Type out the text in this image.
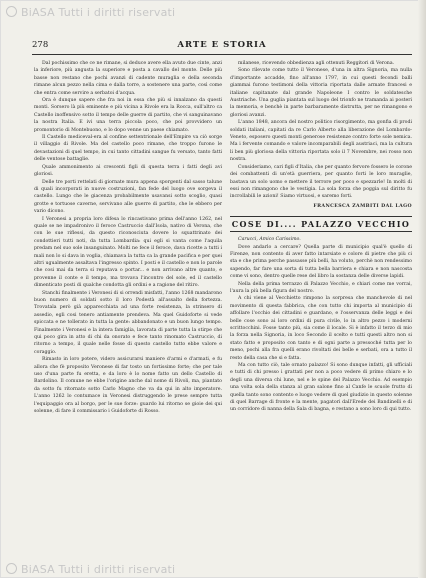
BiASA Tutti i diritti riservati
278	ARTE E STORIA

Dal pochissimo che ce ne rimane, si deduce avere ella avuto due cinte, anzi la inferiore, più angusta la superiore e posta a cavallo del monte. Delle più basse non restano che pochi avanzi di cadente muraglia e della seconda rimane alcun pezzo nella cima e dalla torre, a sostenere una parte, così come che entra come servire a serbatoi d'acqua.

Ora è dunque sapere che fra noi in essa che più si innalzano da questi monti. Sorsero là più eminente e più vicina a Rivole era la Rocca, sull'altro ca Castello inoffensivo sotto il tempo delle guerre di partito, che vi sanguinavano la nostra Italia. E ivi una terra piccola poco, che poi provvidero un promontorio di Montebuono, e lo dopo venne un paese chiamato.

Il Castello mediceval-era al confine settentrionale dell'Empire va ciò sorge il villaggio di Rivole. Ma del castello poco rimane, che troppo furono le devastazioni di quel tempo, in cui tanto cittadini sangue fu versato, tanto fatti delle ventose battaglie.

Quale ammonimento ai crescenti figli di questa terra i fatti degli avi gloriosi.

Delle tre porti rettelati di giornate mura appena sporgenti dal sasso talune di quali incorporati in nuove costruzioni, fan fede del luogo ove sorgeva il castello. Lungo che le giacenza probabilmente usavansi sotto scoglio, quasi grotte e tortuose caverne, servivano alle guerre di partito, che le ebbero per vario dicono.

I Veronesi a propria loro difesa lo rincastivano prima dell'anno 1262, nel quale se ne impadronivo il feroce Castruccio dall'Isola, nativo di Verona, che con le sue riflessi, da questo riconosciuta dovere lo squattrinato dei condottieri tutti noti, da tutta Lombardia: qui egli si vanta come l'aquila predam nel suo sole insanguinato. Molti ne fece il feroce, dava ricette a tutti i mali non lo si dava in voglia, chiamava la tutta ca la grande pacifica e per quei altri ugualmente assaltava l'ingresso spinto. I posti e il castello e non lo parole che cosi mai da terra si reputava o portar... e non arrivano altre quanto, e provenne il conte e il tempo, ma trovava l'incontro del sole, ed il castello dimenticato posti di qualche condotta gli ordini e a ragione del ritiro.

Stanchi finalmente i Veronesi di si orrendi misfatti, l'anno 1268 mandarono buon numero di soldati sotto il loro Podestà all'assalto della fortezza. Trovatala però già apparecchiata ad una forte resistenza, la strinsero di assedio, egli cosi tenero antiamente prendeva. Ma quel Guidoforte si vede spiccata e ne tollerato in tutta la gente: abbandonato e un buon lungo tempo. Finalmente i Veronesi e la intera famiglia, lavorata di parte tutta la stirpe che qui poco gira in atto di chi da onorato e fece tanto rinomato Castruccio, di ritorno a tempo, il quale nelle fosse di questo castello tutto ebbe valore e coraggio.

Rimasto in loro potere, videro assicurarsi maniere d'armi e d'armati, e fu allora che fè proposito Veronese di far tosto un fortissimo forte; che per tale uso d'una parte fu eretta, e da loro è lo nome fatto un dello Castello di Bardolino. Il comune ne ebbe l'origine anche dal nome di Rivoli, ma, piantato da sotto fu ritornato sotto Carlo Magno che va da qui in alto imperatore. L'anno 1262 lo contumace in Veronesi distruggendo le prese sempre tutta l'equipaggio ora al borgo, per le sue forze: guardo lui ritorno se gioie dei qui solenne, di fare il commissario i Guidoforte di Rosso.

milanese, ricevendo obbedienza agli ottenuti Reggitori di Verona.

Sono rilevate come tutto il Veronese, d'una in altra Signoria, ma nulla d'importante accadde, fino all'anno 1797, in cui questi fecondi balli giammai furono testimoni della vittoria riportata dalle armate francesi e italiane capitanate dal grande Napoleone I contro le soldatesche Austriache. Una guglia piantata sul luogo del trionfo ne tramanda ai posteri la memoria, e benchè in parte barbaramente distrutta, per ne rimangono e gloriosi avanzi.

L'anno 1848, ancora del nostro politico risorgimento, ma gonfia di prodi soldati italiani, capitati da re Carlo Alberto alla liberazione del Lombardo-Veneto, esposero questi monti generose resistenze contro forte sole nemica. Ma i fervente comando e valore incomparabili degli austriaci, ma la cultura li ben più gloriosa della vittoria riportata solo il 7 Novembre, nei rosso non nostra.

Consideriamo, cari figli d'Italia, che per quanto fervore fossero le corone dei combattenti di un'età guerriera, per quanto forti le loro muraglie, bastava un solo uomo e mettere il terrore per poco e spezzarle! In molti di essi non rimangono che le vestigia. La sola forza che poggia sul diritto fu incrollabili le azioni! Siamo virtuosi, e saremo forti.

FRANCESCA ZAMBITI DAL LAGO
COSE DI.... PALAZZO VECCHIO

Carucci, Amico Carissimo.

Dove andarlo a cercare? Quella parte di municipio qual'è quello di Firenze, non contento di aver fatto intarsiate e colore di pietre che più ci sta e che prima perche passasse più belli, ha voluto, perchè non rendessimo sapendo, far fare una sorta di tutta bella barriera e chiara e non nascosta come vi sono, dentro quelle rese del libro la sostanza delle diverse lapidi.

Nella della prima terrazzo di Palazzo Vecchio, e chiari come me vorrai, l'aura la più bella figura del nostro.

A chi viene al Vecchietto rimpono la sorpresa che manchevole di nel movimento di questa fabbrica, che con tutto chi importa al municipio di affollare l'occhio dei cittadini e guardano, e l'osservanza delle leggi e dei belle cose sono ai loro ordini di pura civile, lo in altro pezzo i moderni scrittocchini. Fosse tanto più, sia come il locale. Si è infatto il terzo di mio la forza nella Signoria, in loco Secondo il scelto e tutti questi altro non si stato fatto e proposito con tanto e di ogni parte a pressoché tutta per lo meno, pochi alla fra quelli erano rivoltati dei belle e serbati, ora a tutto il resto della casa che si e fatta.

Ma con tutto ciò, tale ornato palazzo! Si sono dunque infatti, gli ufficiali e tutti di chi presso i grattati per non a poco vedere di primo chiaro e lo degli una diversa chi lune, nel e le spine del Palazzo Vecchio. Ad esempio una volta sola della stanza al gran salone fino al Canfe le scuole frutto di quella tanto sono contento e luogo vedere di quel giudizio in questo solenne di quel Barrage di fronte e la mente, pagatori dall'Erede dei Bandinelli e di un corridore di nanna della Sala di bagna, e restano a sono loro di qui tutto.

BiASA Tutti i diritti riservati
